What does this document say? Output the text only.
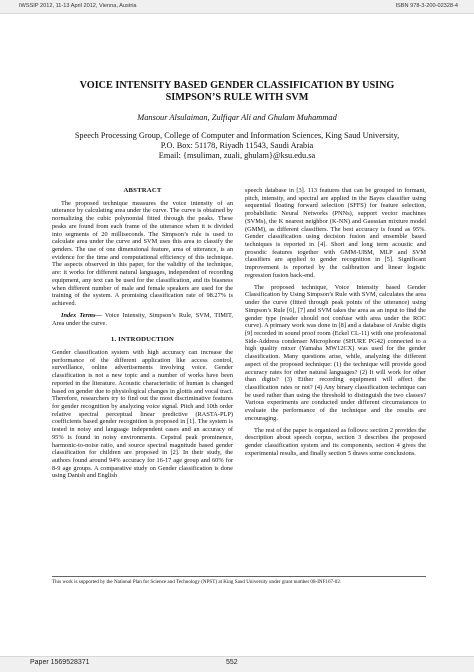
IWSSIP 2012, 11-13 April 2012, Vienna, Austria	ISBN 978-3-200-02328-4
VOICE INTENSITY BASED GENDER CLASSIFICATION BY USING
SIMPSON’S RULE WITH SVM
Mansour Alsulaiman, Zulfiqar Ali and Ghulam Muhammad
Speech Processing Group, College of Computer and Information Sciences, King Saud University,
P.O. Box: 51178, Riyadh 11543, Saudi Arabia
Email: {msuliman, zuali, ghulam}@ksu.edu.sa
ABSTRACT

The proposed technique measures the voice intensity of an utterance by calculating area under the curve. The curve is obtained by normalizing the cubic polynomial fitted through the peaks. These peaks are found from each frame of the utterance when it is divided into segments of 20 milliseconds. The Simpson’s rule is used to calculate area under the curve and SVM uses this area to classify the genders. The use of one dimensional feature, area of utterance, is an evidence for the time and computational efficiency of this technique. The aspects observed in this paper, for the validity of the technique, are: it works for different natural languages, independent of recording equipment, any text can be used for the classification, and its biasness when different number of male and female speakers are used for the training of the system. A promising classification rate of 98.27% is achieved.

Index Terms— Voice Intensity, Simpson’s Rule, SVM, TIMIT, Area under the curve.

1. INTRODUCTION

Gender classification system with high accuracy can increase the performance of the different application like access control, surveillance, online advertisements involving voice. Gender classification is not a new topic and a number of works have been reported in the literature. Acoustic characteristic of human is changed based on gender due to physiological changes in glottis and vocal tract. Therefore, researchers try to find out the most discriminative features for gender recognition by analyzing voice signal. Pitch and 10th order relative spectral perceptual linear predictive (RASTA-PLP) coefficients based gender recognition is proposed in [1]. The system is tested in noisy and language independent cases and an accuracy of 95% is found in noisy environments. Cepstral peak prominence, harmonic-to-noise ratio, and source spectral magnitude based gender classification for children are proposed in [2]. In their study, the authors found around 94% accuracy for 16-17 age group and 60% for 8-9 age groups. A comparative study on Gender classification is done using Danish and English

speech database in [3]. 113 features that can be grouped in formant, pitch, intensity, and spectral are applied in the Bayes classifier using sequential floating forward selection (SFFS) for feature selection, probabilistic Neural Networks (PNNs), support vector machines (SVMs), the K nearest neighbor (K-NN) and Gaussian mixture model (GMM), as different classifiers. The best accuracy is found as 95%. Gender classification using decision fusion and ensemble based techniques is reported in [4]. Short and long term acoustic and prosodic features together with GMM-UBM, MLP and SVM classifiers are applied to gender recognition in [5]. Significant improvement is reported by the calibration and linear logistic regression fusion back-end.

The proposed technique, Voice Intensity based Gender Classification by Using Simpson’s Rule with SVM, calculates the area under the curve (fitted through peak points of the utterance) using Simpson’s Rule [6], [7] and SVM takes the area as an input to find the gender type (reader should not confuse with area under the ROC curve). A primary work was done in [8] and a database of Arabic digits [9] recorded in sound proof room (Eckel CL-11) with one professional Side-Address condenser Microphone (SHURE PG42) connected to a high quality mixer (Yamaha MW12CX) was used for the gender classification. Many questions arise, while, analyzing the different aspect of the proposed technique: (1) the technique will provide good accuracy rates for other natural languages? (2) It will work for other than digits? (3) Either recording equipment will affect the classification rates or not? (4) Any binary classification technique can be used rather than using the threshold to distinguish the two classes? Various experiments are conducted under different circumstances to evaluate the performance of the technique and the results are encouraging.

The rest of the paper is organized as follows: section 2 provides the description about speech corpus, section 3 describes the proposed gender classification system and its components, section 4 gives the experimental results, and finally section 5 draws some conclusions.

This work is supported by the National Plan for Science and Technology (NPST) at King Saud University under grant number 08-INF167-02.
Paper 1569528371	552
